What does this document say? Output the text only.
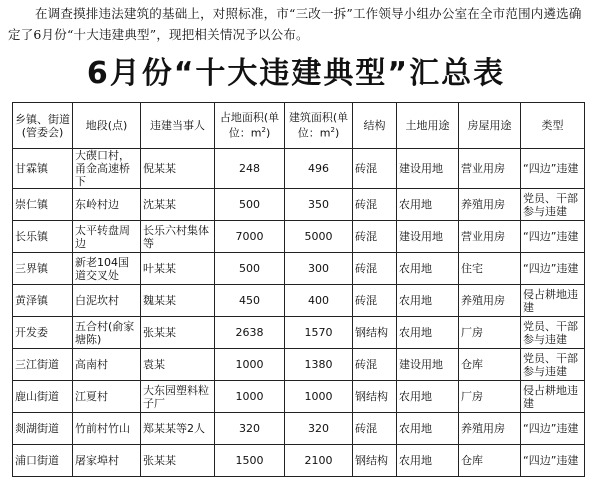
在调查摸排违法建筑的基础上，对照标准，市“三改一拆”工作领导小组办公室在全市范围内遴选确定了6月份“十大违建典型”，现把相关情况予以公布。
6月份“十大违建典型”汇总表
乡镇、街道(管委会)	地段(点)	违建当事人	占地面积(单位：$m^2$)	建筑面积(单位：$m^2$)	结构	土地用途	房屋用途	类型
甘霖镇	大碶口村，甬金高速桥下	倪某某	248	496	砖混	建设用地	营业用房	“四边”违建
崇仁镇	东岭村边	沈某某	500	350	砖混	农用地	养殖用房	党员、干部参与违建
长乐镇	太平转盘周边	长乐六村集体等	7000	5000	砖混	建设用地	营业用房	“四边”违建
三界镇	新老104国道交叉处	叶某某	500	300	砖混	农用地	住宅	“四边”违建
黄泽镇	白泥坎村	魏某某	450	400	砖混	农用地	养殖用房	侵占耕地违建
开发委	五合村(俞家塘陈)	张某某	2638	1570	钢结构	农用地	厂房	党员、干部参与违建
三江街道	高南村	袁某	1000	1380	砖混	建设用地	仓库	党员、干部参与违建
鹿山街道	江夏村	大东园塑料粒子厂	1000	1000	钢结构	农用地	厂房	侵占耕地违建
剡湖街道	竹前村竹山	郑某某等2人	320	320	砖混	农用地	养殖用房	“四边”违建
浦口街道	屠家埠村	张某某	1500	2100	钢结构	农用地	仓库	“四边”违建
